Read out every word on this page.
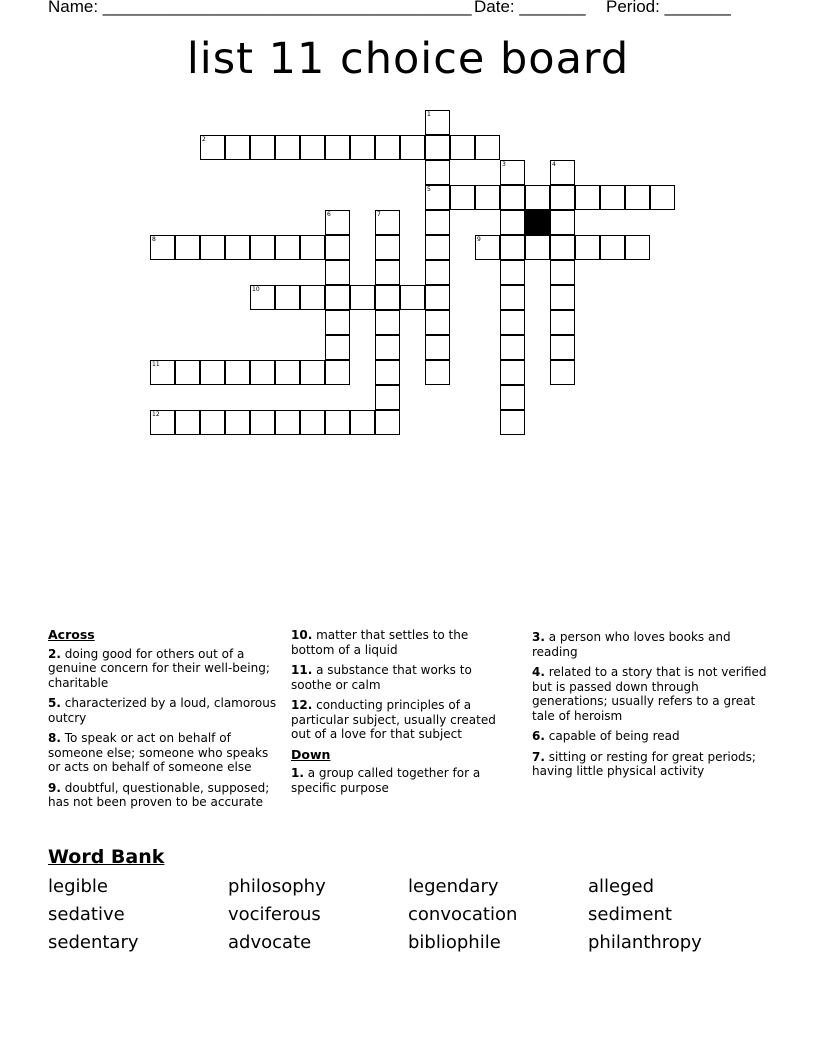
Name: _______________________________________ Date: _______ Period: _______
list 11 choice board
1
5
2
3	4
6	7
8	9
10
11
12
Across
2. doing good for others out of a genuine concern for their well-being; charitable
5. characterized by a loud, clamorous outcry
8. To speak or act on behalf of someone else; someone who speaks or acts on behalf of someone else
9. doubtful, questionable, supposed; has not been proven to be accurate
10. matter that settles to the bottom of a liquid
11. a substance that works to soothe or calm
12. conducting principles of a particular subject, usually created out of a love for that subject
Down
1. a group called together for a specific purpose
3. a person who loves books and reading
4. related to a story that is not verified but is passed down through generations; usually refers to a great tale of heroism
6. capable of being read
7. sitting or resting for great periods; having little physical activity
Word Bank
legible	philosophy	legendary	alleged
sedative	vociferous	convocation	sediment
sedentary	advocate	bibliophile	philanthropy
